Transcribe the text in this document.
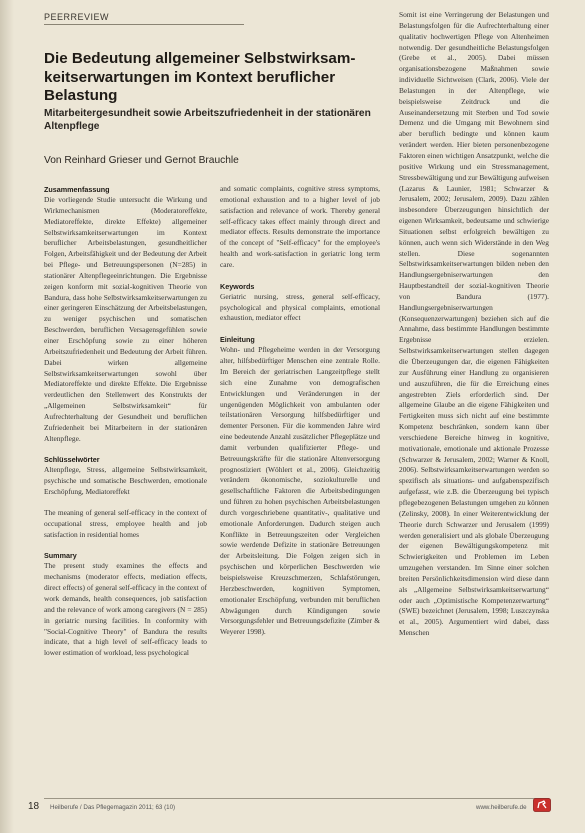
PEERREVIEW
Die Bedeutung allgemeiner Selbstwirksam-keitserwartungen im Kontext beruflicher Belastung
Mitarbeitergesundheit sowie Arbeitszufriedenheit in der stationären Altenpflege
Von Reinhard Grieser und Gernot Brauchle
Zusammenfassung

Die vorliegende Studie untersucht die Wirkung und Wirkmechanismen (Moderatoreffekte, Mediatoreffekte, direkte Effekte) allgemeiner Selbstwirksamkeitserwartungen im Kontext beruflicher Arbeitsbelastungen, gesundheitlicher Folgen, Arbeitsfähigkeit und der Bedeutung der Arbeit bei Pflege- und Betreuungspersonen (N=285) in stationärer Altenpflegeeinrichtungen. Die Ergebnisse zeigen konform mit sozial-kognitiven Theorie von Bandura, dass hohe Selbstwirksamkeitserwartungen zu einer geringeren Einschätzung der Arbeitsbelastungen, zu weniger psychischen und somatischen Beschwerden, beruflichen Versagensgefühlen sowie einer Erschöpfung sowie zu einer höheren Arbeitszufriedenheit und Bedeutung der Arbeit führen. Dabei wirken allgemeine Selbstwirksamkeitserwartungen sowohl über Mediatoreffekte und direkte Effekte. Die Ergebnisse verdeutlichen den Stellenwert des Konstrukts der „Allgemeinen Selbstwirksamkeit“ für Aufrechterhaltung der Gesundheit und beruflichen Zufriedenheit bei Mitarbeitern in der stationären Altenpflege.

Schlüsselwörter

Altenpflege, Stress, allgemeine Selbstwirksamkeit, psychische und somatische Beschwerden, emotionale Erschöpfung, Mediatoreffekt

The meaning of general self-efficacy in the context of occupational stress, employee health and job satisfaction in residential homes

Summary

The present study examines the effects and mechanisms (moderator effects, mediation effects, direct effects) of general self-efficacy in the context of work demands, health consequences, job satisfaction and the relevance of work among caregivers (N = 285) in geriatric nursing facilities. In conformity with "Social-Cognitive Theory" of Bandura the results indicate, that a high level of self-efficacy leads to lower estimation of workload, less psychological

and somatic complaints, cognitive stress symptoms, emotional exhaustion and to a higher level of job satisfaction and relevance of work. Thereby general self-efficacy takes effect mainly through direct and mediator effects. Results demonstrate the importance of the concept of "Self-efficacy" for the employee's health and work-satisfaction in geriatric long term care.

Keywords

Geriatric nursing, stress, general self-efficacy, psychological and physical complaints, emotional exhaustion, mediator effect

Einleitung

Wohn- und Pflegeheime werden in der Versorgung alter, hilfsbedürftiger Menschen eine zentrale Rolle. Im Bereich der geriatrischen Langzeitpflege stellt sich eine Zunahme von demografischen Entwicklungen und Veränderungen in der ungenügenden Möglichkeit von ambulanten oder teilstationären Versorgung hilfsbedürftiger und dementer Personen. Für die kommenden Jahre wird eine bedeutende Anzahl zusätzlicher Pflegeplätze und damit verbunden qualifizierter Pflege- und Betreuungskräfte für die stationäre Altenversorgung prognostiziert (Wöhlert et al., 2006). Gleichzeitig verändern ökonomische, soziokulturelle und gesellschaftliche Faktoren die Arbeitsbedingungen und führen zu hohen psychischen Arbeitsbelastungen durch vorgeschriebene quantitativ-, qualitative und emotionale Anforderungen. Dadurch steigen auch Konflikte in Betreuungszeiten oder Vergleichen sowie werdende Defizite in stationäre Betreuungen der Arbeitsleitung. Die Folgen zeigen sich in psychischen und körperlichen Beschwerden wie beispielsweise Kreuzschmerzen, Schlafstörungen, Herzbeschwerden, kognitiven Symptomen, emotionaler Erschöpfung, verbunden mit beruflichen Abwägungen durch Kündigungen sowie Versorgungsfehler und Betreuungsdefizite (Zimber & Weyerer 1998).

Somit ist eine Verringerung der Belastungen und Belastungsfolgen für die Aufrechterhaltung einer qualitativ hochwertigen Pflege von Altenheimen notwendig. Der gesundheitliche Belastungsfolgen (Grebe et al., 2005). Dabei müssen organisationsbezogene Maßnahmen sowie individuelle Sichtweisen (Clark, 2006). Viele der Belastungen in der Altenpflege, wie beispielsweise Zeitdruck und die Auseinandersetzung mit Sterben und Tod sowie Demenz und die Umgang mit Bewohnern sind aber beruflich bedingte und können kaum verändert werden. Hier bieten personenbezogene Faktoren einen wichtigen Ansatzpunkt, welche die positive Wirkung und ein Stressmanagement, Stressbewältigung und zur Bewältigung aufweisen (Lazarus & Launier, 1981; Schwarzer & Jerusalem, 2002; Jerusalem, 2009). Dazu zählen insbesondere Überzeugungen hinsichtlich der eigenen Wirksamkeit, bedeutsame und schwierige Situationen selbst erfolgreich bewältigen zu können, auch wenn sich Widerstände in den Weg stellen. Diese sogenannten Selbstwirksamkeitserwartungen bilden neben den Handlungsergebniserwartungen den Hauptbestandteil der sozial-kognitiven Theorie von Bandura (1977). Handlungsergebniserwartungen (Konsequenzerwartungen) beziehen sich auf die Annahme, dass bestimmte Handlungen bestimmte Ergebnisse erzielen. Selbstwirksamkeitserwartungen stellen dagegen die Überzeugungen dar, die eigenen Fähigkeiten zur Ausführung einer Handlung zu organisieren und auszuführen, die für die Erreichung eines angestrebten Ziels erforderlich sind. Der allgemeine Glaube an die eigene Fähigkeiten und Fertigkeiten muss sich nicht auf eine bestimmte Kompetenz beschränken, sondern kann über verschiedene Bereiche hinweg in kognitive, motivationale, emotionale und aktionale Prozesse (Schwarzer & Jerusalem, 2002; Warner & Knoll, 2006). Selbstwirksamkeitserwartungen werden so spezifisch als situations- und aufgabenspezifisch aufgefasst, wie z.B. die Überzeugung bei typisch pflegebezogenen Belastungen umgehen zu können (Zelinsky, 2008). In einer Weiterentwicklung der Theorie durch Schwarzer und Jerusalem (1999) werden generalisiert und als globale Überzeugung der eigenen Bewältigungskompetenz mit Schwierigkeiten und Problemen im Leben umzugehen verstanden. Im Sinne einer solchen breiten Persönlichkeitsdimension wird diese dann als „Allgemeine Selbstwirksamkeitserwartung“ oder auch „Optimistische Kompetenzerwartung“ (SWE) bezeichnet (Jerusalem, 1998; Luszczynska et al., 2005). Argumentiert wird dabei, dass Menschen

18 Heilberufe / Das Pflegemagazin 2011; 63 (10)	www.heilberufe.de
